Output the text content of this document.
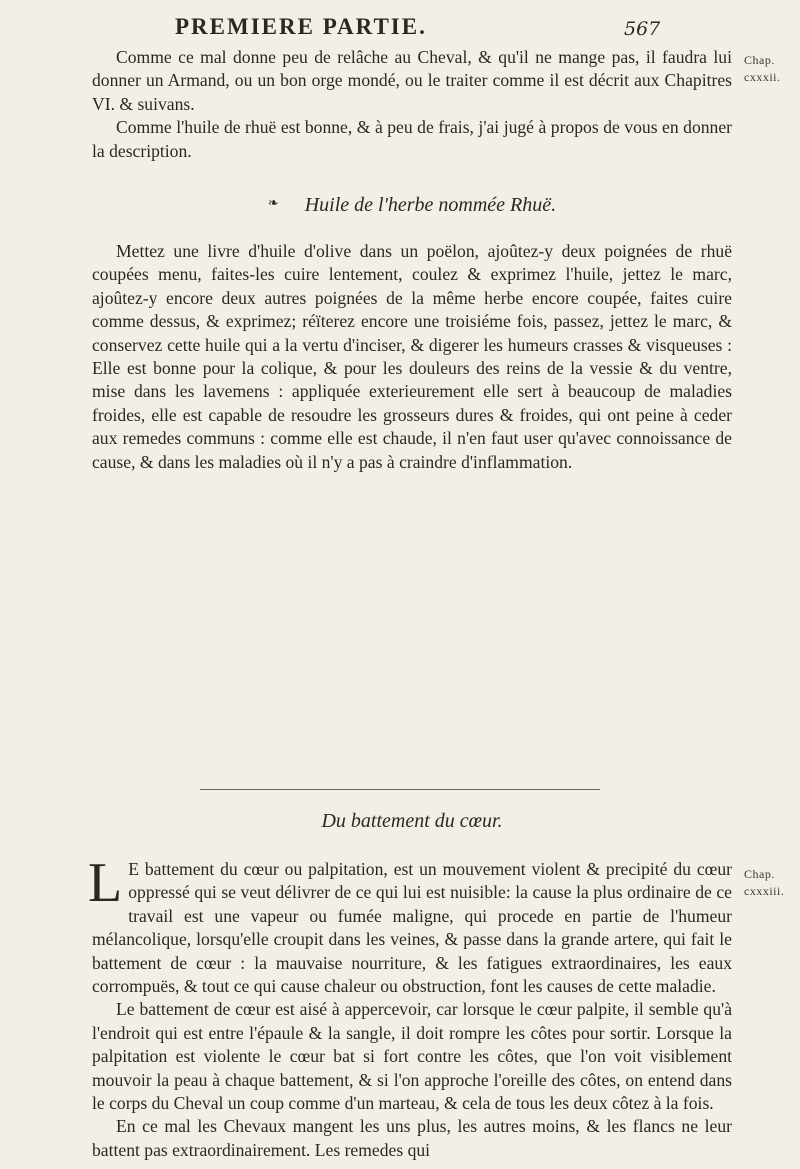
PREMIERE PARTIE.	567
Chap.
cxxxii.

Comme ce mal donne peu de relâche au Cheval, & qu'il ne mange pas, il faudra lui donner un Armand, ou un bon orge mondé, ou le traiter comme il est décrit aux Chapitres VI. & suivans.

Comme l'huile de rhuë est bonne, & à peu de frais, j'ai jugé à propos de vous en donner la description.

❧ Huile de l'herbe nommée Rhuë.

Mettez une livre d'huile d'olive dans un poëlon, ajoûtez-y deux poignées de rhuë coupées menu, faites-les cuire lentement, coulez & exprimez l'huile, jettez le marc, ajoûtez-y encore deux autres poignées de la même herbe encore coupée, faites cuire comme dessus, & exprimez; réïterez encore une troisiéme fois, passez, jettez le marc, & conservez cette huile qui a la vertu d'inciser, & digerer les humeurs crasses & visqueuses : Elle est bonne pour la colique, & pour les douleurs des reins de la vessie & du ventre, mise dans les lavemens : appliquée exterieurement elle sert à beaucoup de maladies froides, elle est capable de resoudre les grosseurs dures & froides, qui ont peine à ceder aux remedes communs : comme elle est chaude, il n'en faut user qu'avec connoissance de cause, & dans les maladies où il n'y a pas à craindre d'inflammation.

Du battement du cœur.
Chap.
cxxxiii.

L E battement du cœur ou palpitation, est un mouvement violent & precipité du cœur oppressé qui se veut délivrer de ce qui lui est nuisible: la cause la plus ordinaire de ce travail est une vapeur ou fumée maligne, qui procede en partie de l'humeur mélancolique, lorsqu'elle croupit dans les veines, & passe dans la grande artere, qui fait le battement de cœur : la mauvaise nourriture, & les fatigues extraordinaires, les eaux corrompuës, & tout ce qui cause chaleur ou obstruction, font les causes de cette maladie.

Le battement de cœur est aisé à appercevoir, car lorsque le cœur palpite, il semble qu'à l'endroit qui est entre l'épaule & la sangle, il doit rompre les côtes pour sortir. Lorsque la palpitation est violente le cœur bat si fort contre les côtes, que l'on voit visiblement mouvoir la peau à chaque battement, & si l'on approche l'oreille des côtes, on entend dans le corps du Cheval un coup comme d'un marteau, & cela de tous les deux côtez à la fois.

En ce mal les Chevaux mangent les uns plus, les autres moins, & les flancs ne leur battent pas extraordinairement. Les remedes qui
